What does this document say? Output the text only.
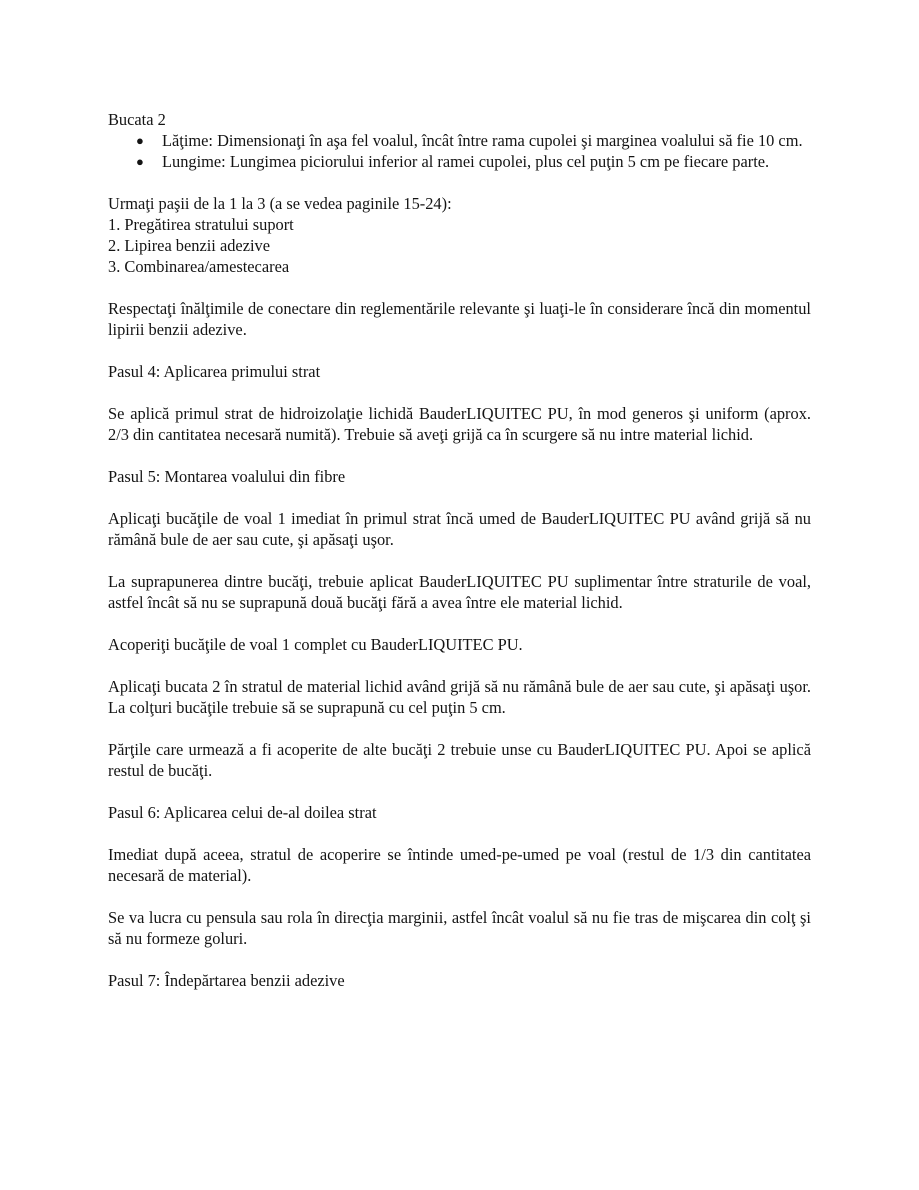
Bucata 2

● Lăţime: Dimensionaţi în aşa fel voalul, încât între rama cupolei şi marginea voalului să fie 10 cm.
● Lungime: Lungimea piciorului inferior al ramei cupolei, plus cel puţin 5 cm pe fiecare parte.

Urmaţi paşii de la 1 la 3 (a se vedea paginile 15-24):

1. Pregătirea stratului suport
2. Lipirea benzii adezive
3. Combinarea/amestecarea

Respectaţi înălţimile de conectare din reglementările relevante şi luaţi-le în considerare încă din momentul lipirii benzii adezive.

Pasul 4: Aplicarea primului strat

Se aplică primul strat de hidroizolaţie lichidă BauderLIQUITEC PU, în mod generos şi uniform (aprox. 2/3 din cantitatea necesară numită). Trebuie să aveţi grijă ca în scurgere să nu intre material lichid.

Pasul 5: Montarea voalului din fibre

Aplicaţi bucăţile de voal 1 imediat în primul strat încă umed de BauderLIQUITEC PU având grijă să nu rămână bule de aer sau cute, şi apăsaţi uşor.

La suprapunerea dintre bucăţi, trebuie aplicat BauderLIQUITEC PU suplimentar între straturile de voal, astfel încât să nu se suprapună două bucăţi fără a avea între ele material lichid.

Acoperiţi bucăţile de voal 1 complet cu BauderLIQUITEC PU.

Aplicaţi bucata 2 în stratul de material lichid având grijă să nu rămână bule de aer sau cute, şi apăsaţi uşor. La colţuri bucăţile trebuie să se suprapună cu cel puţin 5 cm.

Părţile care urmează a fi acoperite de alte bucăţi 2 trebuie unse cu BauderLIQUITEC PU. Apoi se aplică restul de bucăţi.

Pasul 6: Aplicarea celui de-al doilea strat

Imediat după aceea, stratul de acoperire se întinde umed-pe-umed pe voal (restul de 1/3 din cantitatea necesară de material).

Se va lucra cu pensula sau rola în direcţia marginii, astfel încât voalul să nu fie tras de mişcarea din colţ şi să nu formeze goluri.

Pasul 7: Îndepărtarea benzii adezive
